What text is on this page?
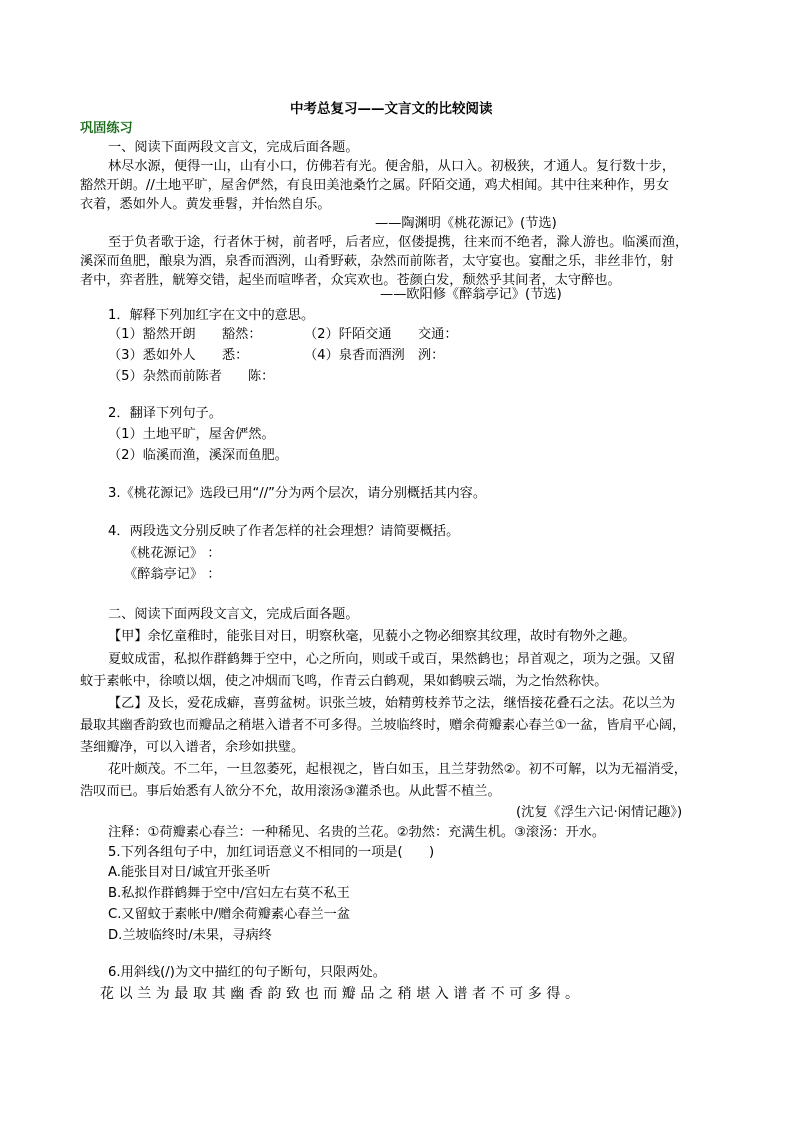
中考总复习——文言文的比较阅读

巩固练习

一、阅读下面两段文言文，完成后面各题。

林尽水源，便得一山，山有小口，仿佛若有光。便舍船，从口入。初极狭，才通人。复行数十步，

豁然开朗。//土地平旷，屋舍俨然，有良田美池桑竹之属。阡陌交通，鸡犬相闻。其中往来种作，男女

衣着，悉如外人。黄发垂髫，并怡然自乐。

——陶渊明《桃花源记》(节选)

至于负者歌于途，行者休于树，前者呼，后者应，伛偻提携，往来而不绝者，滁人游也。临溪而渔，

溪深而鱼肥，酿泉为酒，泉香而酒洌，山肴野蔌，杂然而前陈者，太守宴也。宴酣之乐，非丝非竹，射

者中，弈者胜，觥筹交错，起坐而喧哗者，众宾欢也。苍颜白发，颓然乎其间者，太守醉也。

——欧阳修《醉翁亭记》(节选)

1．解释下列加红字在文中的意思。

（1）豁然开朗 豁然：	（2）阡陌交通 交通：

（3）悉如外人 悉：	（4）泉香而酒洌 洌：

（5）杂然而前陈者 陈：

2．翻译下列句子。

（1）土地平旷，屋舍俨然。

（2）临溪而渔，溪深而鱼肥。

3.《桃花源记》选段已用“//”分为两个层次，请分别概括其内容。

4．两段选文分别反映了作者怎样的社会理想？请简要概括。

《桃花源记》 ：

《醉翁亭记》 ：

二、阅读下面两段文言文，完成后面各题。

【甲】余忆童稚时，能张目对日，明察秋毫，见藐小之物必细察其纹理，故时有物外之趣。

夏蚊成雷，私拟作群鹤舞于空中，心之所向，则或千或百，果然鹤也；昂首观之，项为之强。又留

蚊于素帐中，徐喷以烟，使之冲烟而飞鸣，作青云白鹤观，果如鹤唳云端，为之怡然称快。

【乙】及长，爱花成癖，喜剪盆树。识张兰坡，始精剪枝养节之法，继悟接花叠石之法。花以兰为

最取其幽香韵致也而瓣品之稍堪入谱者不可多得。兰坡临终时，赠余荷瓣素心春兰①一盆，皆肩平心阔，

茎细瓣净，可以入谱者，余珍如拱璧。

花叶颇茂。不二年，一旦忽萎死，起根视之，皆白如玉，且兰芽勃然②。初不可解，以为无福消受，

浩叹而已。事后始悉有人欲分不允，故用滚汤③灌杀也。从此誓不植兰。

(沈复《浮生六记·闲情记趣》)

注释：①荷瓣素心春兰：一种稀见、名贵的兰花。②勃然：充满生机。③滚汤：开水。

5.下列各组句子中，加红词语意义不相同的一项是(　　)

A.能张目对日/诚宜开张圣听

B.私拟作群鹤舞于空中/宫妇左右莫不私王

C.又留蚊于素帐中/赠余荷瓣素心春兰一盆

D.兰坡临终时/未果，寻病终

6.用斜线(/)为文中描红的句子断句，只限两处。

花以兰为最取其幽香韵致也而瓣品之稍堪入谱者不可多得。
